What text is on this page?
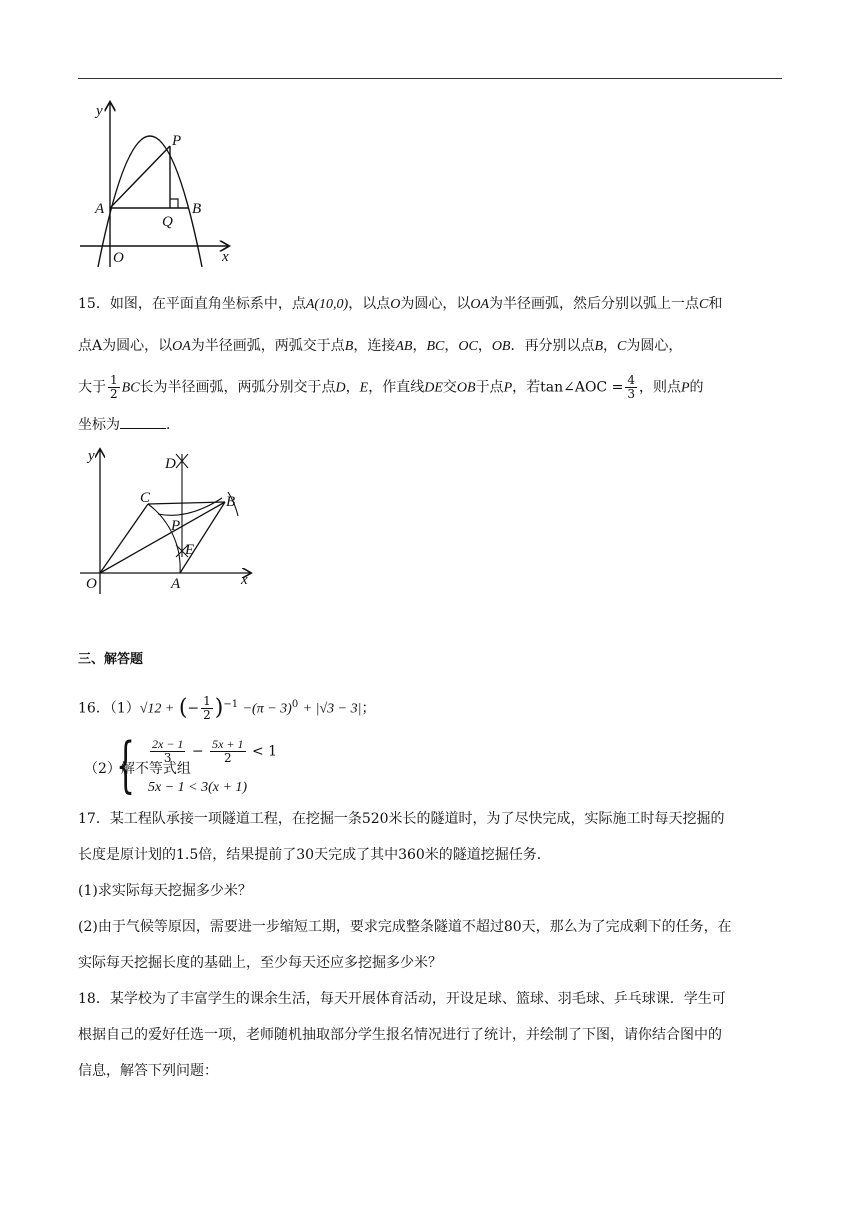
y
P
A
Q
B
O	x
15．如图，在平面直角坐标系中，点A(10,0)，以点O为圆心，以OA为半径画弧，然后分别以弧上一点C和
点A为圆心，以OA为半径画弧，两弧交于点B，连接AB，BC，OC，OB．再分别以点B，C为圆心，
大于 $\frac{1}{2}$ BC长为半径画弧，两弧分别交于点D，E，作直线DE交OB于点P，若tan∠AOC = $\frac{4}{3}$ ，则点P的
坐标为	．
y	D
C	B
P
E
O	A	x
三、解答题
16．（1）√12 + (− $\frac{1}{2} )^{-1} -(\pi - 3)^0 + |√3 - 3|$；
（2）解不等式组
{ $\frac{2x - 1}{3} - \frac{5x + 1}{2} < 1$
5x − 1 < 3(x + 1)
17．某工程队承接一项隧道工程，在挖掘一条520米长的隧道时，为了尽快完成，实际施工时每天挖掘的
长度是原计划的1.5倍，结果提前了30天完成了其中360米的隧道挖掘任务．
(1)求实际每天挖掘多少米？
(2)由于气候等原因，需要进一步缩短工期，要求完成整条隧道不超过80天，那么为了完成剩下的任务，在
实际每天挖掘长度的基础上，至少每天还应多挖掘多少米？
18．某学校为了丰富学生的课余生活，每天开展体育活动，开设足球、篮球、羽毛球、乒乓球课．学生可
根据自己的爱好任选一项，老师随机抽取部分学生报名情况进行了统计，并绘制了下图，请你结合图中的
信息，解答下列问题：
